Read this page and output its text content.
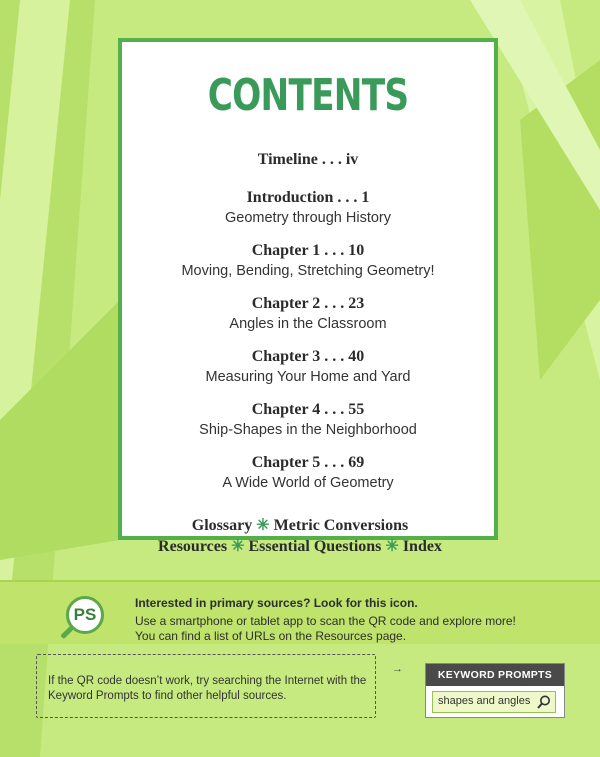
CONTENTS
Timeline . . . iv
Introduction . . . 1
Geometry through History
Chapter 1 . . . 10
Moving, Bending, Stretching Geometry!
Chapter 2 . . . 23
Angles in the Classroom
Chapter 3 . . . 40
Measuring Your Home and Yard
Chapter 4 . . . 55
Ship-Shapes in the Neighborhood
Chapter 5 . . . 69
A Wide World of Geometry
Glossary ✳ Metric Conversions
Resources ✳ Essential Questions ✳ Index
PS
Interested in primary sources? Look for this icon.
Use a smartphone or tablet app to scan the QR code and explore more!
You can find a list of URLs on the Resources page.
If the QR code doesn’t work, try searching the Internet with the Keyword Prompts to find other helpful sources.
→	KEYWORD PROMPTS
shapes and angles
